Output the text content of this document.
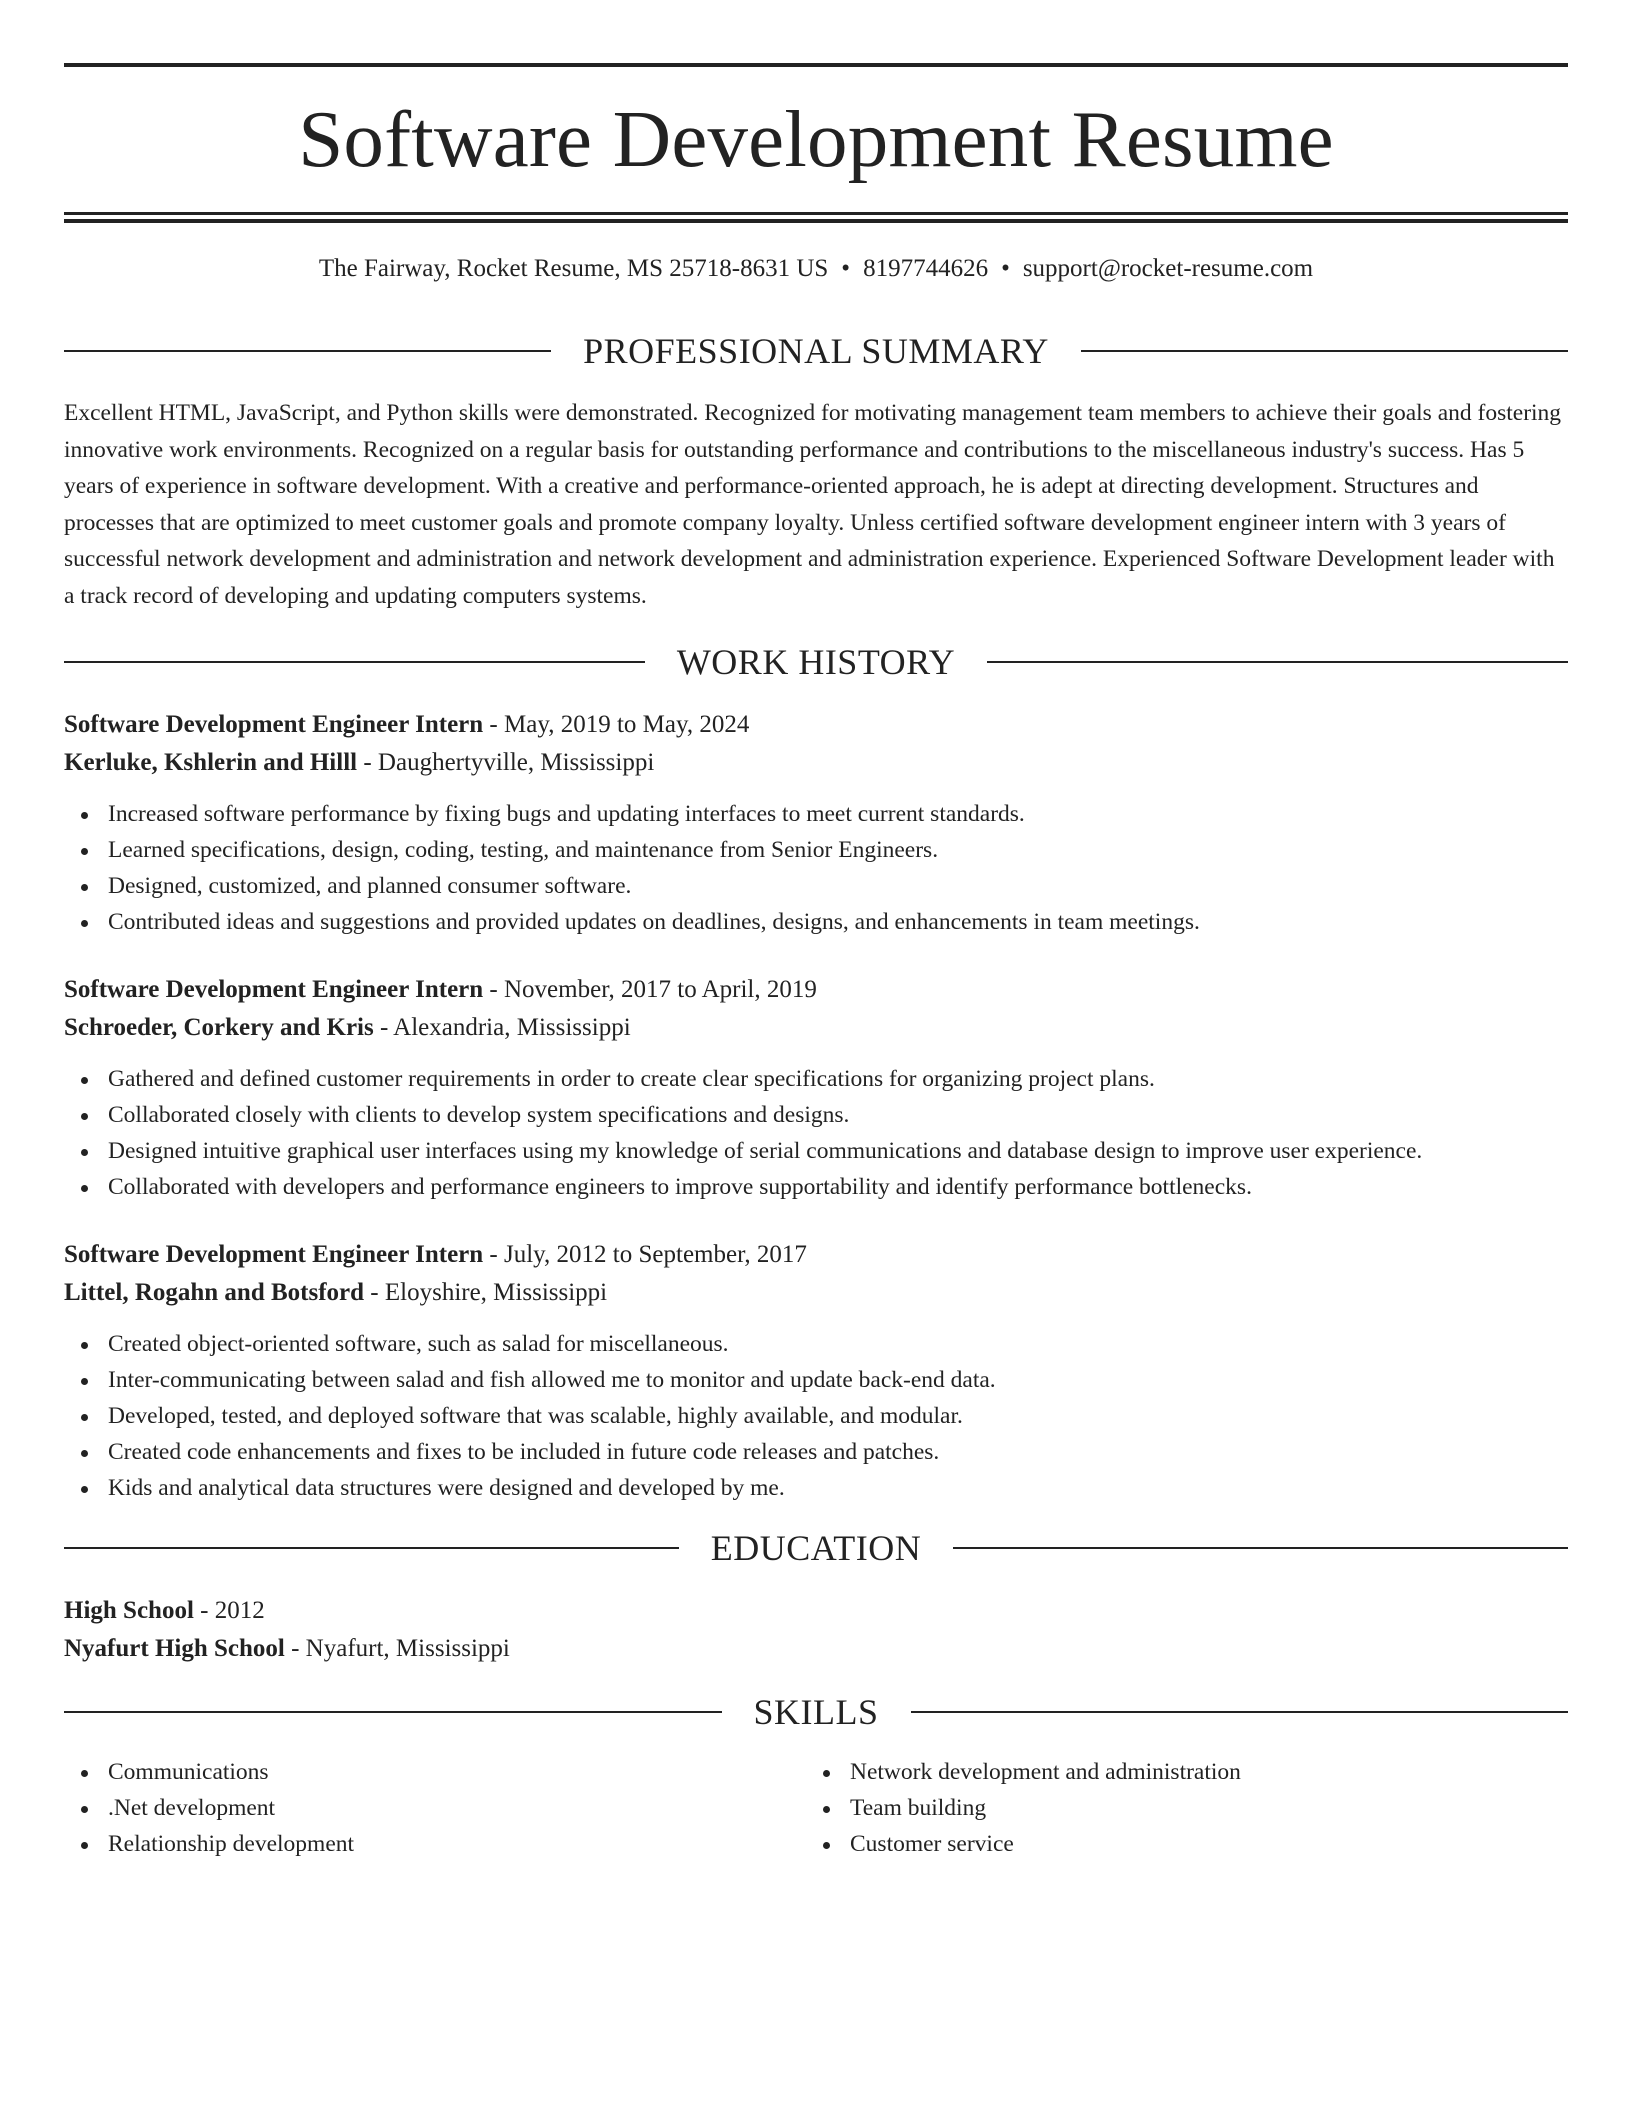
Software Development Resume
The Fairway, Rocket Resume, MS 25718-8631 US • 8197744626 • support@rocket-resume.com
PROFESSIONAL SUMMARY

Excellent HTML, JavaScript, and Python skills were demonstrated. Recognized for motivating management team members to achieve their goals and fostering innovative work environments. Recognized on a regular basis for outstanding performance and contributions to the miscellaneous industry's success. Has 5 years of experience in software development. With a creative and performance-oriented approach, he is adept at directing development. Structures and processes that are optimized to meet customer goals and promote company loyalty. Unless certified software development engineer intern with 3 years of successful network development and administration and network development and administration experience. Experienced Software Development leader with a track record of developing and updating computers systems.

WORK HISTORY
Software Development Engineer Intern - May, 2019 to May, 2024
Kerluke, Kshlerin and Hilll - Daughertyville, Mississippi
Increased software performance by fixing bugs and updating interfaces to meet current standards.
Learned specifications, design, coding, testing, and maintenance from Senior Engineers.
Designed, customized, and planned consumer software.
Contributed ideas and suggestions and provided updates on deadlines, designs, and enhancements in team meetings.
Software Development Engineer Intern - November, 2017 to April, 2019
Schroeder, Corkery and Kris - Alexandria, Mississippi
Gathered and defined customer requirements in order to create clear specifications for organizing project plans.
Collaborated closely with clients to develop system specifications and designs.
Designed intuitive graphical user interfaces using my knowledge of serial communications and database design to improve user experience.
Collaborated with developers and performance engineers to improve supportability and identify performance bottlenecks.
Software Development Engineer Intern - July, 2012 to September, 2017
Littel, Rogahn and Botsford - Eloyshire, Mississippi
Created object-oriented software, such as salad for miscellaneous.
Inter-communicating between salad and fish allowed me to monitor and update back-end data.
Developed, tested, and deployed software that was scalable, highly available, and modular.
Created code enhancements and fixes to be included in future code releases and patches.
Kids and analytical data structures were designed and developed by me.
EDUCATION
High School - 2012
Nyafurt High School - Nyafurt, Mississippi
SKILLS
Communications
.Net development
Relationship development
Network development and administration
Team building
Customer service
